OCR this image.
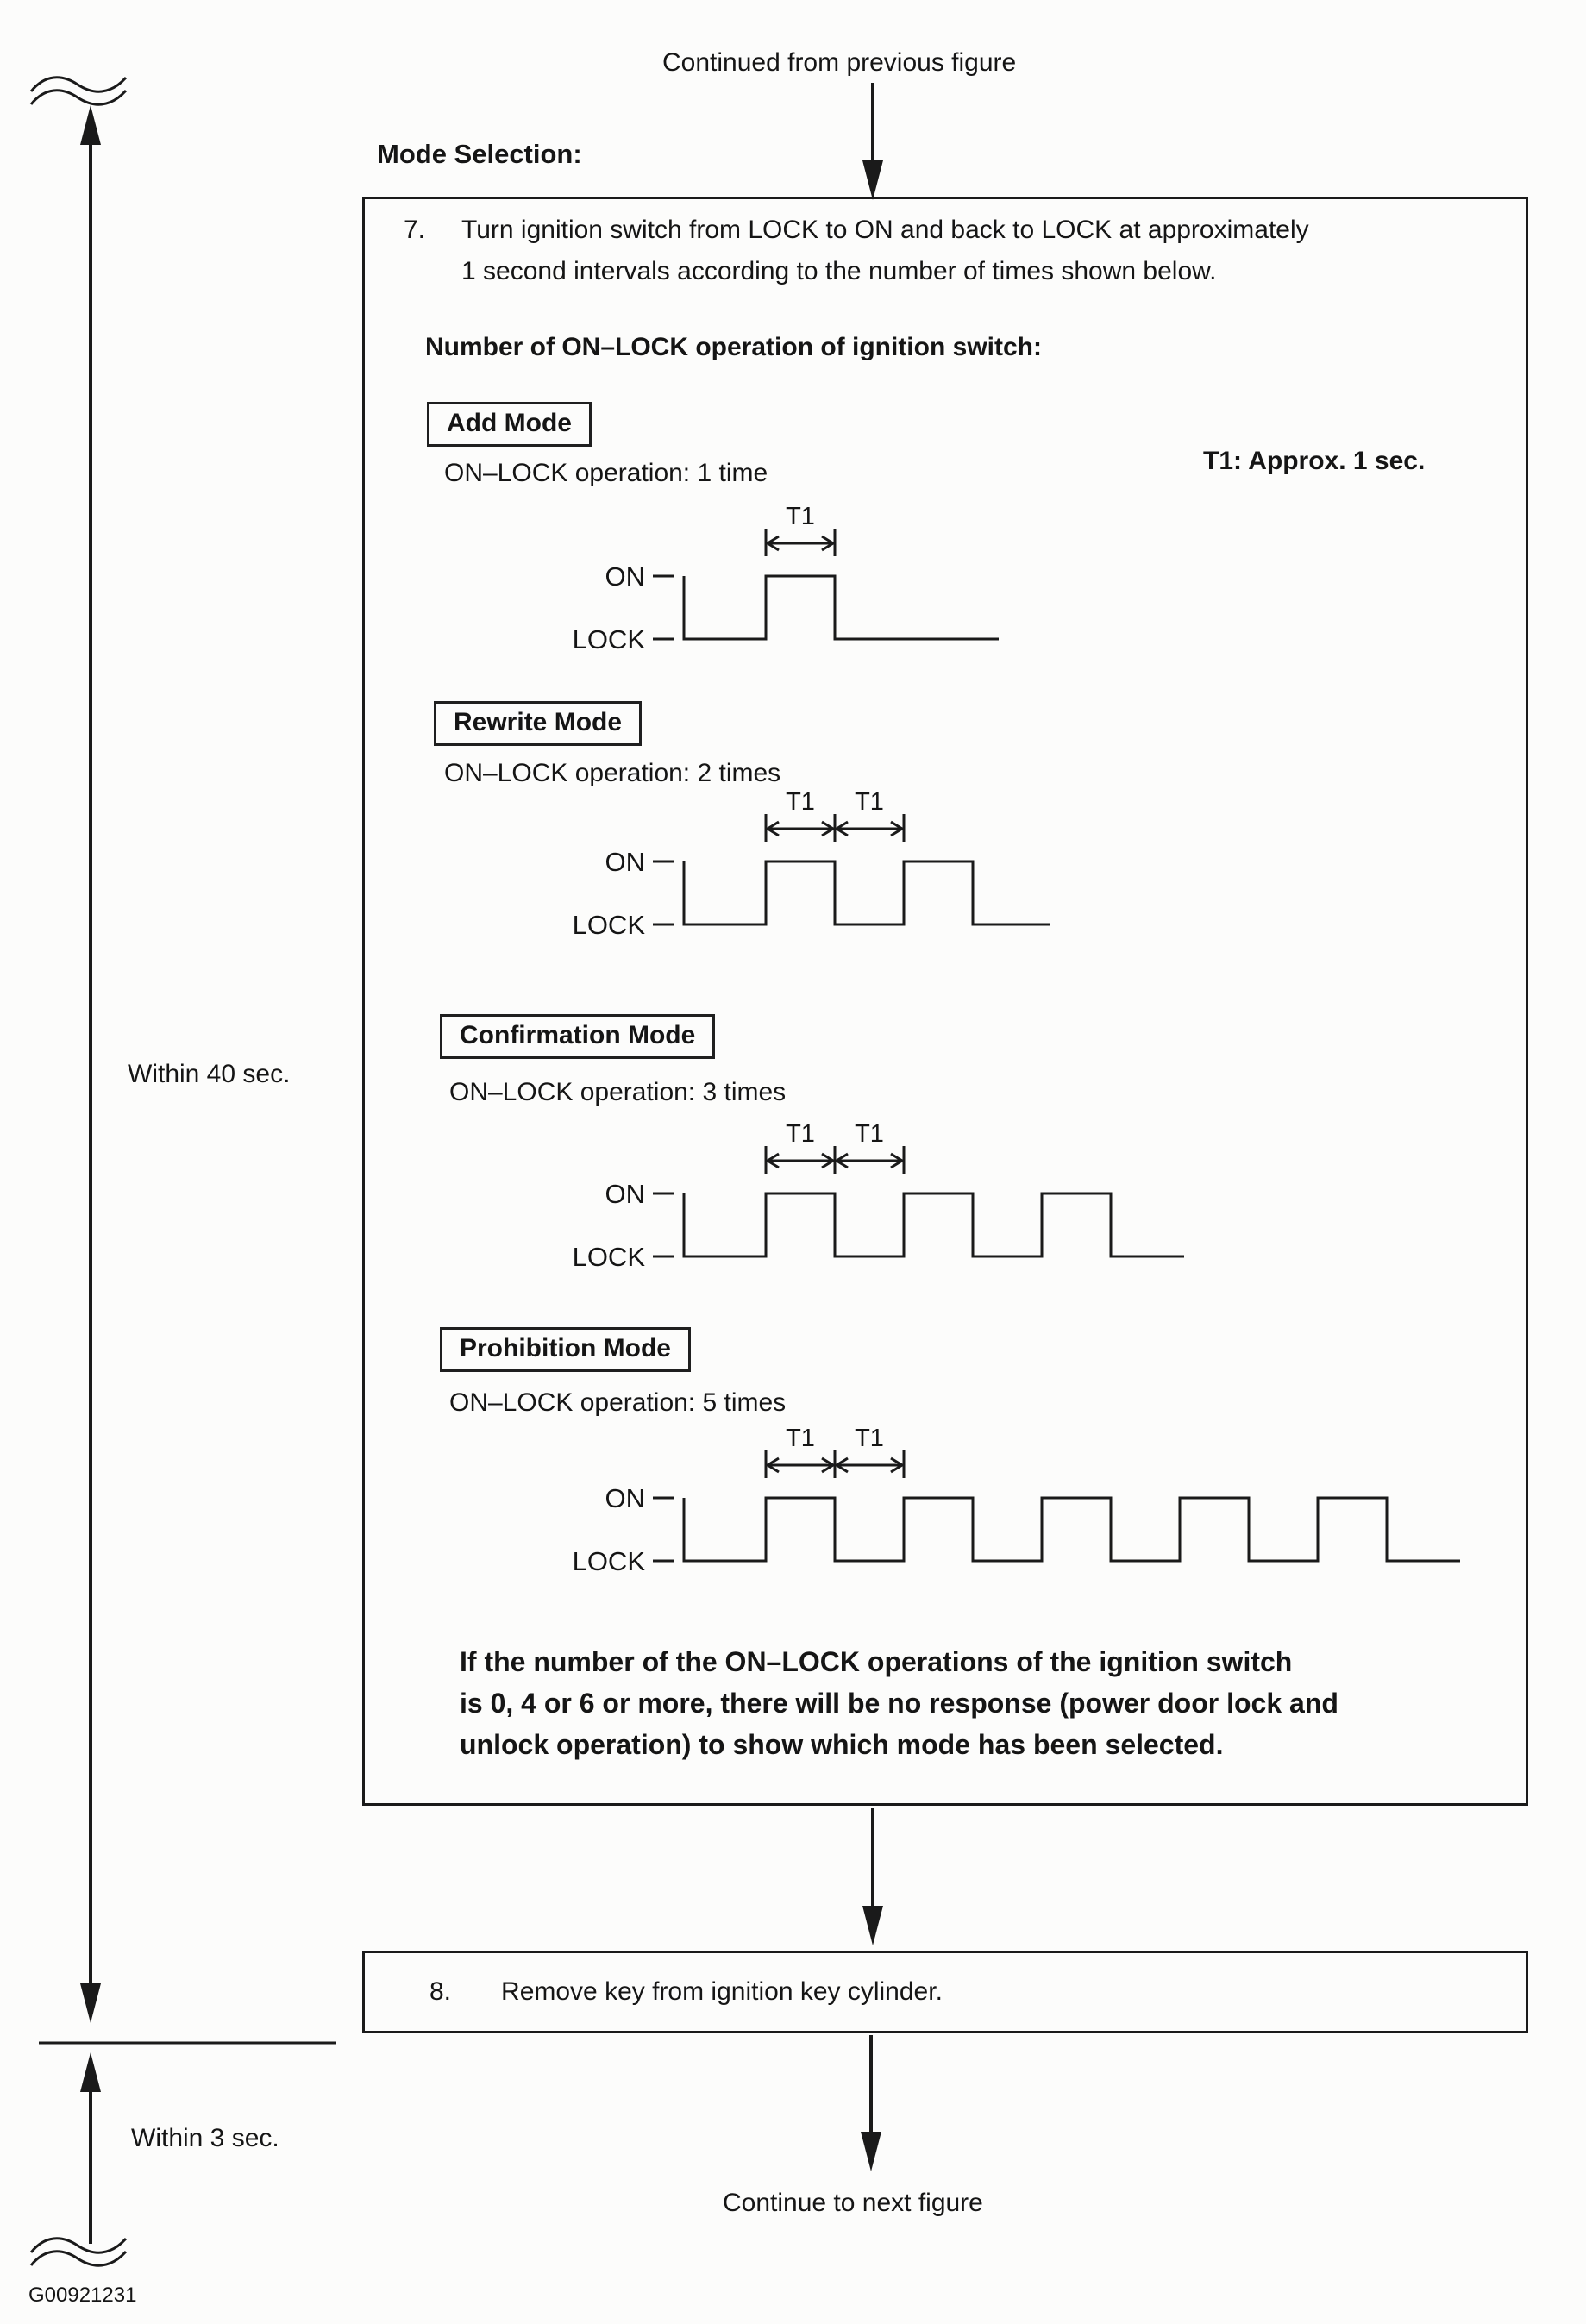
Continued from previous figure
Mode Selection:
7. Turn ignition switch from LOCK to ON and back to LOCK at approximately
1 second intervals according to the number of times shown below.
Number of ON–LOCK operation of ignition switch:
T1: Approx. 1 sec.
Add Mode
ON–LOCK operation: 1 time
ON
LOCK
T1
Rewrite Mode
ON–LOCK operation: 2 times
ON
LOCK
T1 T1
Confirmation Mode
ON–LOCK operation: 3 times
ON
LOCK
T1 T1
Prohibition Mode
ON–LOCK operation: 5 times
ON
LOCK
T1 T1
If the number of the ON–LOCK operations of the ignition switch
is 0, 4 or 6 or more, there will be no response (power door lock and
unlock operation) to show which mode has been selected.
Within 40 sec.
Within 3 sec.
8. Remove key from ignition key cylinder.
Continue to next figure
G00921231
